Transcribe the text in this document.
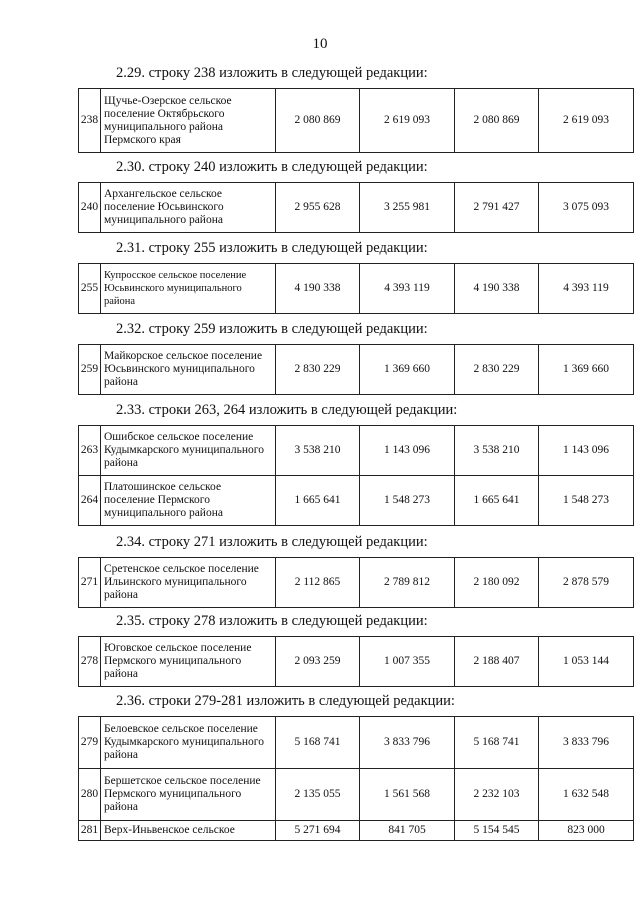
10
2.29. строку 238 изложить в следующей редакции:
238	Щучье-Озерское сельское поселение Октябрьского муниципального района Пермского края	2 080 869	2 619 093	2 080 869	2 619 093
2.30. строку 240 изложить в следующей редакции:
240	Архангельское сельское поселение Юсьвинского муниципального района	2 955 628	3 255 981	2 791 427	3 075 093
2.31. строку 255 изложить в следующей редакции:
255	Купросское сельское поселение Юсьвинского муниципального района	4 190 338	4 393 119	4 190 338	4 393 119
2.32. строку 259 изложить в следующей редакции:
259	Майкорское сельское поселение Юсьвинского муниципального района	2 830 229	1 369 660	2 830 229	1 369 660
2.33. строки 263, 264 изложить в следующей редакции:
263	Ошибское сельское поселение Кудымкарского муниципального района	3 538 210	1 143 096	3 538 210	1 143 096
264	Платошинское сельское поселение Пермского муниципального района	1 665 641	1 548 273	1 665 641	1 548 273
2.34. строку 271 изложить в следующей редакции:
271	Сретенское сельское поселение Ильинского муниципального района	2 112 865	2 789 812	2 180 092	2 878 579
2.35. строку 278 изложить в следующей редакции:
278	Юговское сельское поселение Пермского муниципального района	2 093 259	1 007 355	2 188 407	1 053 144
2.36. строки 279-281 изложить в следующей редакции:
279	Белоевское сельское поселение Кудымкарского муниципального района	5 168 741	3 833 796	5 168 741	3 833 796
280	Бершетское сельское поселение Пермского муниципального района	2 135 055	1 561 568	2 232 103	1 632 548
281	Верх-Иньвенское сельское	5 271 694	841 705	5 154 545	823 000
